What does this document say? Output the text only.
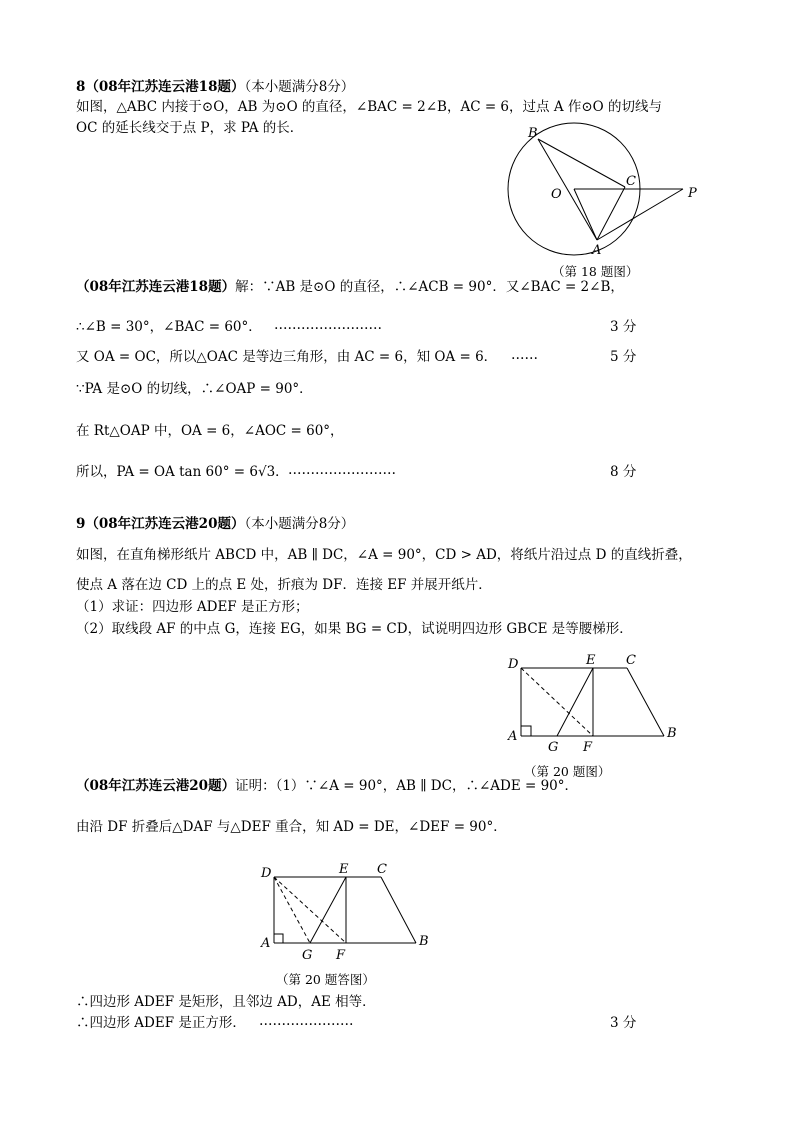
8（08年江苏连云港18题）（本小题满分8分）
如图，△ABC 内接于⊙O，AB 为⊙O 的直径，∠BAC = 2∠B，AC = 6，过点 A 作⊙O 的切线与
OC 的延长线交于点 P，求 PA 的长．	B
O
C
P
A
（第 18 题图）
（08年江苏连云港18题）解：∵AB 是⊙O 的直径，∴∠ACB = 90°．又∠BAC = 2∠B，
∴∠B = 30°，∠BAC = 60°． ……………………	3 分
又 OA = OC，所以△OAC 是等边三角形，由 AC = 6，知 OA = 6． ……	5 分
∵PA 是⊙O 的切线，∴∠OAP = 90°．
在 Rt△OAP 中，OA = 6，∠AOC = 60°，
所以，PA = OA tan 60° = 6√3． ……………………	8 分
9（08年江苏连云港20题）（本小题满分8分）
如图，在直角梯形纸片 ABCD 中，AB ∥ DC，∠A = 90°，CD > AD，将纸片沿过点 D 的直线折叠，
使点 A 落在边 CD 上的点 E 处，折痕为 DF．连接 EF 并展开纸片．
（1）求证：四边形 ADEF 是正方形；
（2）取线段 AF 的中点 G，连接 EG，如果 BG = CD，试说明四边形 GBCE 是等腰梯形．
D	E C
A
G F
B
（第 20 题图）
（08年江苏连云港20题）证明：（1）∵∠A = 90°，AB ∥ DC，∴∠ADE = 90°．
由沿 DF 折叠后△DAF 与△DEF 重合，知 AD = DE，∠DEF = 90°．
D	E C
A
G F
B
（第 20 题答图）
∴四边形 ADEF 是矩形，且邻边 AD，AE 相等．
∴四边形 ADEF 是正方形． …………………	3 分
